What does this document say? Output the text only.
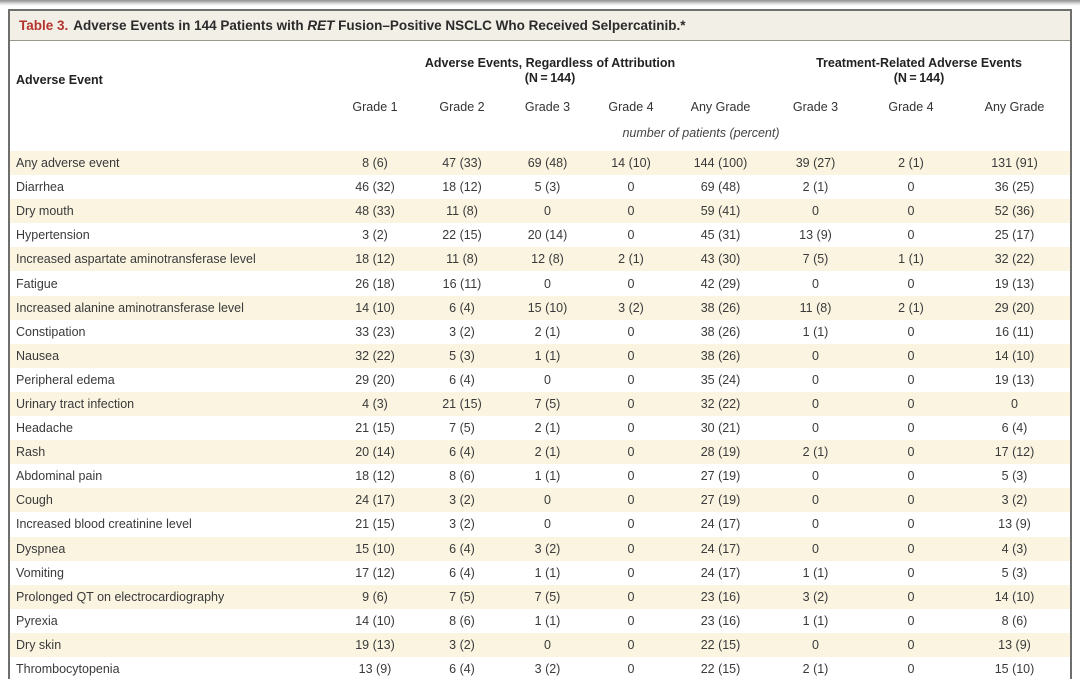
Table 3. Adverse Events in 144 Patients with RET Fusion–Positive NSCLC Who Received Selpercatinib.*
Adverse Event
Adverse Events, Regardless of Attribution
(N = 144)
Treatment-Related Adverse Events
(N = 144)
Grade 1	Grade 2	Grade 3	Grade 4	Any Grade	Grade 3	Grade 4	Any Grade
number of patients (percent)
Any adverse event	8 (6)	47 (33)	69 (48)	14 (10)	144 (100)	39 (27)	2 (1)	131 (91)
Diarrhea	46 (32)	18 (12)	5 (3)	0	69 (48)	2 (1)	0	36 (25)
Dry mouth	48 (33)	11 (8)	0	0	59 (41)	0	0	52 (36)
Hypertension	3 (2)	22 (15)	20 (14)	0	45 (31)	13 (9)	0	25 (17)
Increased aspartate aminotransferase level	18 (12)	11 (8)	12 (8)	2 (1)	43 (30)	7 (5)	1 (1)	32 (22)
Fatigue	26 (18)	16 (11)	0	0	42 (29)	0	0	19 (13)
Increased alanine aminotransferase level	14 (10)	6 (4)	15 (10)	3 (2)	38 (26)	11 (8)	2 (1)	29 (20)
Constipation	33 (23)	3 (2)	2 (1)	0	38 (26)	1 (1)	0	16 (11)
Nausea	32 (22)	5 (3)	1 (1)	0	38 (26)	0	0	14 (10)
Peripheral edema	29 (20)	6 (4)	0	0	35 (24)	0	0	19 (13)
Urinary tract infection	4 (3)	21 (15)	7 (5)	0	32 (22)	0	0	0
Headache	21 (15)	7 (5)	2 (1)	0	30 (21)	0	0	6 (4)
Rash	20 (14)	6 (4)	2 (1)	0	28 (19)	2 (1)	0	17 (12)
Abdominal pain	18 (12)	8 (6)	1 (1)	0	27 (19)	0	0	5 (3)
Cough	24 (17)	3 (2)	0	0	27 (19)	0	0	3 (2)
Increased blood creatinine level	21 (15)	3 (2)	0	0	24 (17)	0	0	13 (9)
Dyspnea	15 (10)	6 (4)	3 (2)	0	24 (17)	0	0	4 (3)
Vomiting	17 (12)	6 (4)	1 (1)	0	24 (17)	1 (1)	0	5 (3)
Prolonged QT on electrocardiography	9 (6)	7 (5)	7 (5)	0	23 (16)	3 (2)	0	14 (10)
Pyrexia	14 (10)	8 (6)	1 (1)	0	23 (16)	1 (1)	0	8 (6)
Dry skin	19 (13)	3 (2)	0	0	22 (15)	0	0	13 (9)
Thrombocytopenia	13 (9)	6 (4)	3 (2)	0	22 (15)	2 (1)	0	15 (10)
